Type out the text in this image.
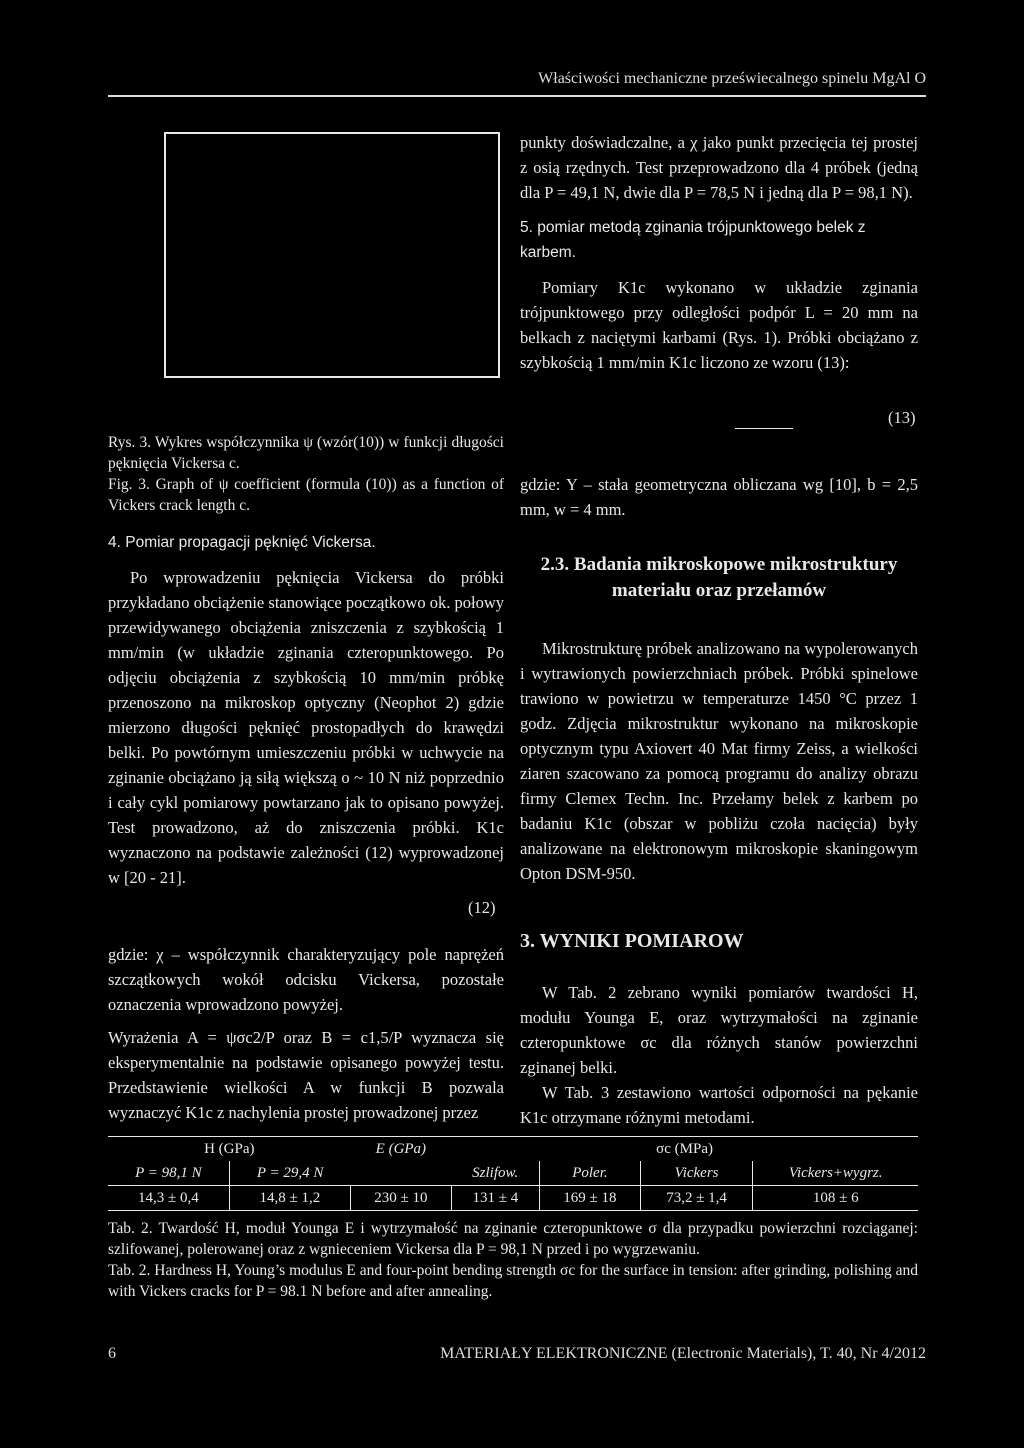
Właściwości mechaniczne przeświecalnego spinelu MgAl O
Rys. 3. Wykres współczynnika ψ (wzór(10)) w funkcji długości pęknięcia Vickersa c.
Fig. 3. Graph of ψ coefficient (formula (10)) as a function of Vickers crack length c.

4. Pomiar propagacji pęknięć Vickersa.

Po wprowadzeniu pęknięcia Vickersa do próbki przykładano obciążenie stanowiące początkowo ok. połowy przewidywanego obciążenia zniszczenia z szybkością 1 mm/min (w układzie zginania czteropunktowego. Po odjęciu obciążenia z szybkością 10 mm/min próbkę przenoszono na mikroskop optyczny (Neophot 2) gdzie mierzono długości pęknięć prostopadłych do krawędzi belki. Po powtórnym umieszczeniu próbki w uchwycie na zginanie obciążano ją siłą większą o ~ 10 N niż poprzednio i cały cykl pomiarowy powtarzano jak to opisano powyżej. Test prowadzono, aż do zniszczenia próbki. K1c wyznaczono na podstawie zależności (12) wyprowadzonej w [20 - 21].

(12)

gdzie: χ – współczynnik charakteryzujący pole naprężeń szczątkowych wokół odcisku Vickersa, pozostałe oznaczenia wprowadzono powyżej.

Wyrażenia A = ψσc2/P oraz B = c1,5/P wyznacza się eksperymentalnie na podstawie opisanego powyżej testu. Przedstawienie wielkości A w funkcji B pozwala wyznaczyć K1c z nachylenia prostej prowadzonej przez

punkty doświadczalne, a χ jako punkt przecięcia tej prostej z osią rzędnych. Test przeprowadzono dla 4 próbek (jedną dla P = 49,1 N, dwie dla P = 78,5 N i jedną dla P = 98,1 N).

5. pomiar metodą zginania trójpunktowego belek z karbem.

Pomiary K1c wykonano w układzie zginania trójpunktowego przy odległości podpór L = 20 mm na belkach z naciętymi karbami (Rys. 1). Próbki obciążano z szybkością 1 mm/min K1c liczono ze wzoru (13):

(13)

gdzie: Y – stała geometryczna obliczana wg [10], b = 2,5 mm, w = 4 mm.

2.3. Badania mikroskopowe mikrostruktury materiału oraz przełamów

Mikrostrukturę próbek analizowano na wypolerowanych i wytrawionych powierzchniach próbek. Próbki spinelowe trawiono w powietrzu w temperaturze 1450 °C przez 1 godz. Zdjęcia mikrostruktur wykonano na mikroskopie optycznym typu Axiovert 40 Mat firmy Zeiss, a wielkości ziaren szacowano za pomocą programu do analizy obrazu firmy Clemex Techn. Inc. Przełamy belek z karbem po badaniu K1c (obszar w pobliżu czoła nacięcia) były analizowane na elektronowym mikroskopie skaningowym Opton DSM-950.

3. WYNIKI POMIAROW

W Tab. 2 zebrano wyniki pomiarów twardości H, modułu Younga E, oraz wytrzymałości na zginanie czteropunktowe σc dla różnych stanów powierzchni zginanej belki.

W Tab. 3 zestawiono wartości odporności na pękanie K1c otrzymane różnymi metodami.

H (GPa)		E (GPa)	σc (MPa)			
P = 98,1 N	P = 29,4 N		Szlifow.	Poler.	Vickers	Vickers+wygrz.
14,3 ± 0,4	14,8 ± 1,2	230 ± 10	131 ± 4	169 ± 18	73,2 ± 1,4	108 ± 6
Tab. 2. Twardość H, moduł Younga E i wytrzymałość na zginanie czteropunktowe σ dla przypadku powierzchni rozciąganej: szlifowanej, polerowanej oraz z wgnieceniem Vickersa dla P = 98,1 N przed i po wygrzewaniu.
Tab. 2. Hardness H, Young’s modulus E and four-point bending strength σc for the surface in tension: after grinding, polishing and with Vickers cracks for P = 98.1 N before and after annealing.
6	MATERIAŁY ELEKTRONICZNE (Electronic Materials), T. 40, Nr 4/2012
